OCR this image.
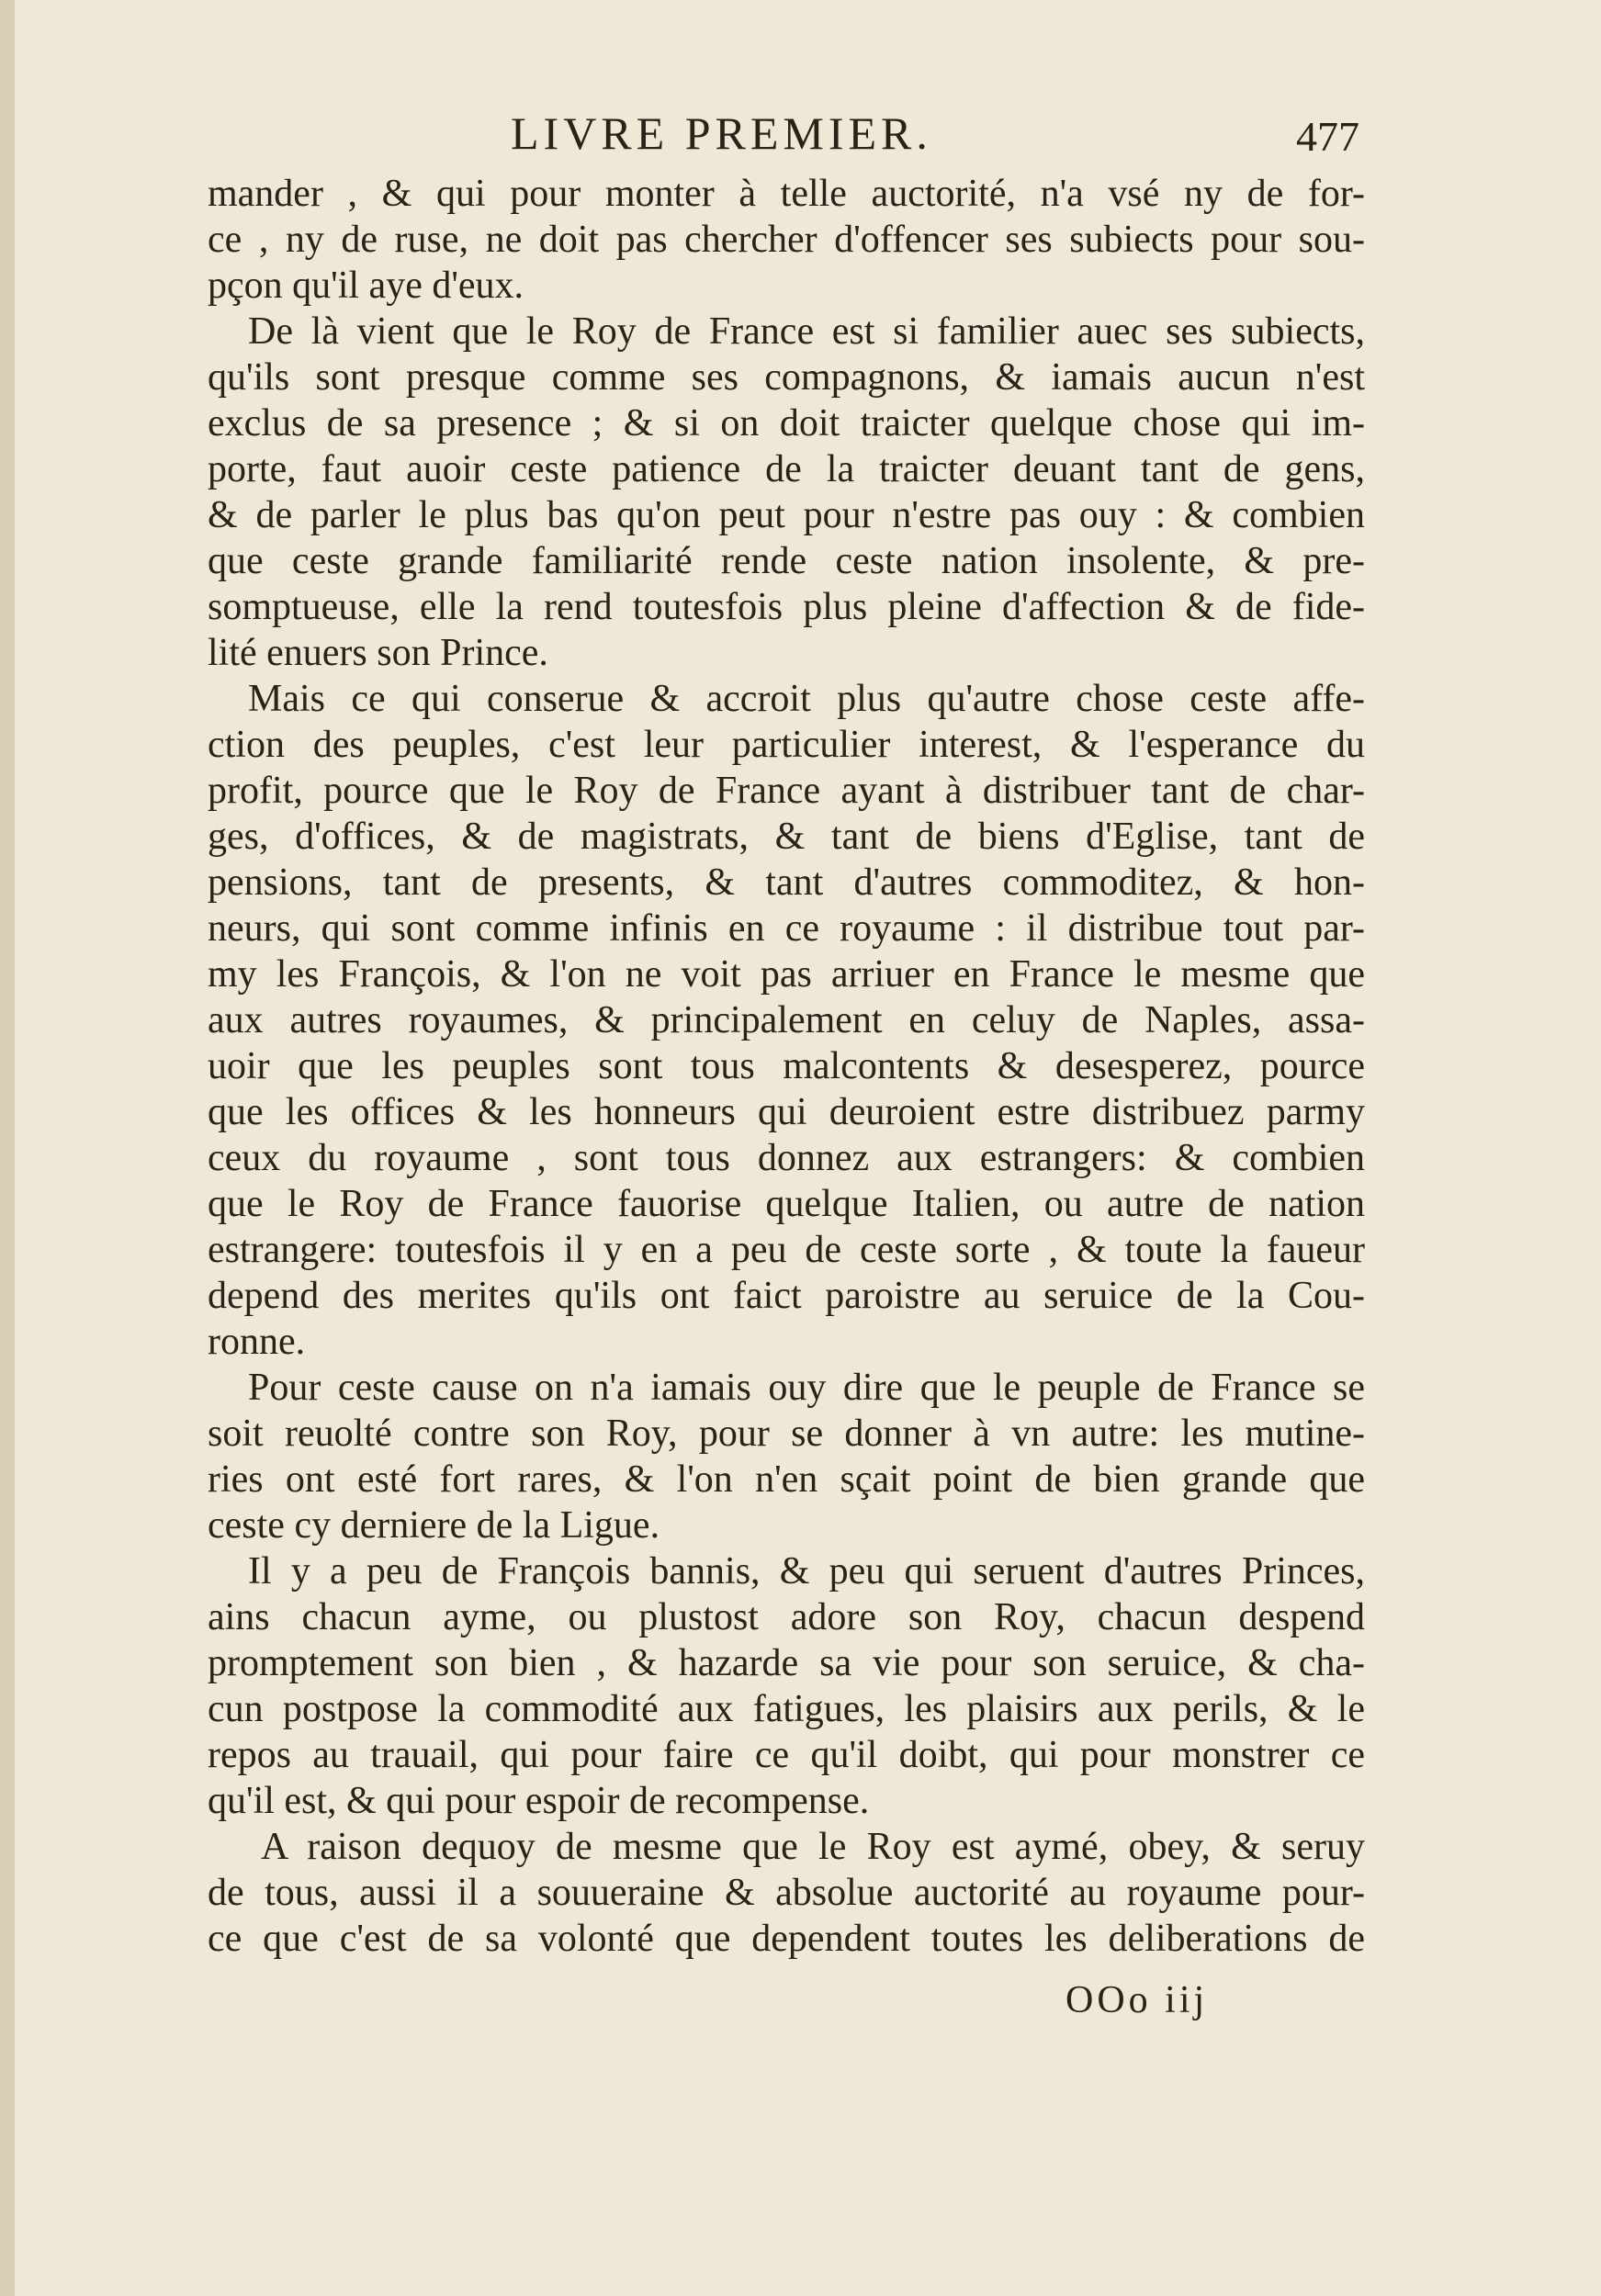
LIVRE PREMIER.	477
mander , & qui pour monter à telle auctorité, n'a vsé ny de for-
ce , ny de ruse, ne doit pas chercher d'offencer ses subiects pour sou-
pçon qu'il aye d'eux.
De là vient que le Roy de France est si familier auec ses subiects,
qu'ils sont presque comme ses compagnons, & iamais aucun n'est
exclus de sa presence ; & si on doit traicter quelque chose qui im-
porte, faut auoir ceste patience de la traicter deuant tant de gens,
& de parler le plus bas qu'on peut pour n'estre pas ouy : & combien
que ceste grande familiarité rende ceste nation insolente, & pre-
somptueuse, elle la rend toutesfois plus pleine d'affection & de fide-
lité enuers son Prince.
Mais ce qui conserue & accroit plus qu'autre chose ceste affe-
ction des peuples, c'est leur particulier interest, & l'esperance du
profit, pource que le Roy de France ayant à distribuer tant de char-
ges, d'offices, & de magistrats, & tant de biens d'Eglise, tant de
pensions, tant de presents, & tant d'autres commoditez, & hon-
neurs, qui sont comme infinis en ce royaume : il distribue tout par-
my les François, & l'on ne voit pas arriuer en France le mesme que
aux autres royaumes, & principalement en celuy de Naples, assa-
uoir que les peuples sont tous malcontents & desesperez, pource
que les offices & les honneurs qui deuroient estre distribuez parmy
ceux du royaume , sont tous donnez aux estrangers: & combien
que le Roy de France fauorise quelque Italien, ou autre de nation
estrangere: toutesfois il y en a peu de ceste sorte , & toute la faueur
depend des merites qu'ils ont faict paroistre au seruice de la Cou-
ronne.
Pour ceste cause on n'a iamais ouy dire que le peuple de France se
soit reuolté contre son Roy, pour se donner à vn autre: les mutine-
ries ont esté fort rares, & l'on n'en sçait point de bien grande que
ceste cy derniere de la Ligue.
Il y a peu de François bannis, & peu qui seruent d'autres Princes,
ains chacun ayme, ou plustost adore son Roy, chacun despend
promptement son bien , & hazarde sa vie pour son seruice, & cha-
cun postpose la commodité aux fatigues, les plaisirs aux perils, & le
repos au trauail, qui pour faire ce qu'il doibt, qui pour monstrer ce
qu'il est, & qui pour espoir de recompense.
A raison dequoy de mesme que le Roy est aymé, obey, & seruy
de tous, aussi il a souueraine & absolue auctorité au royaume pour-
ce que c'est de sa volonté que dependent toutes les deliberations de
OOo iij
